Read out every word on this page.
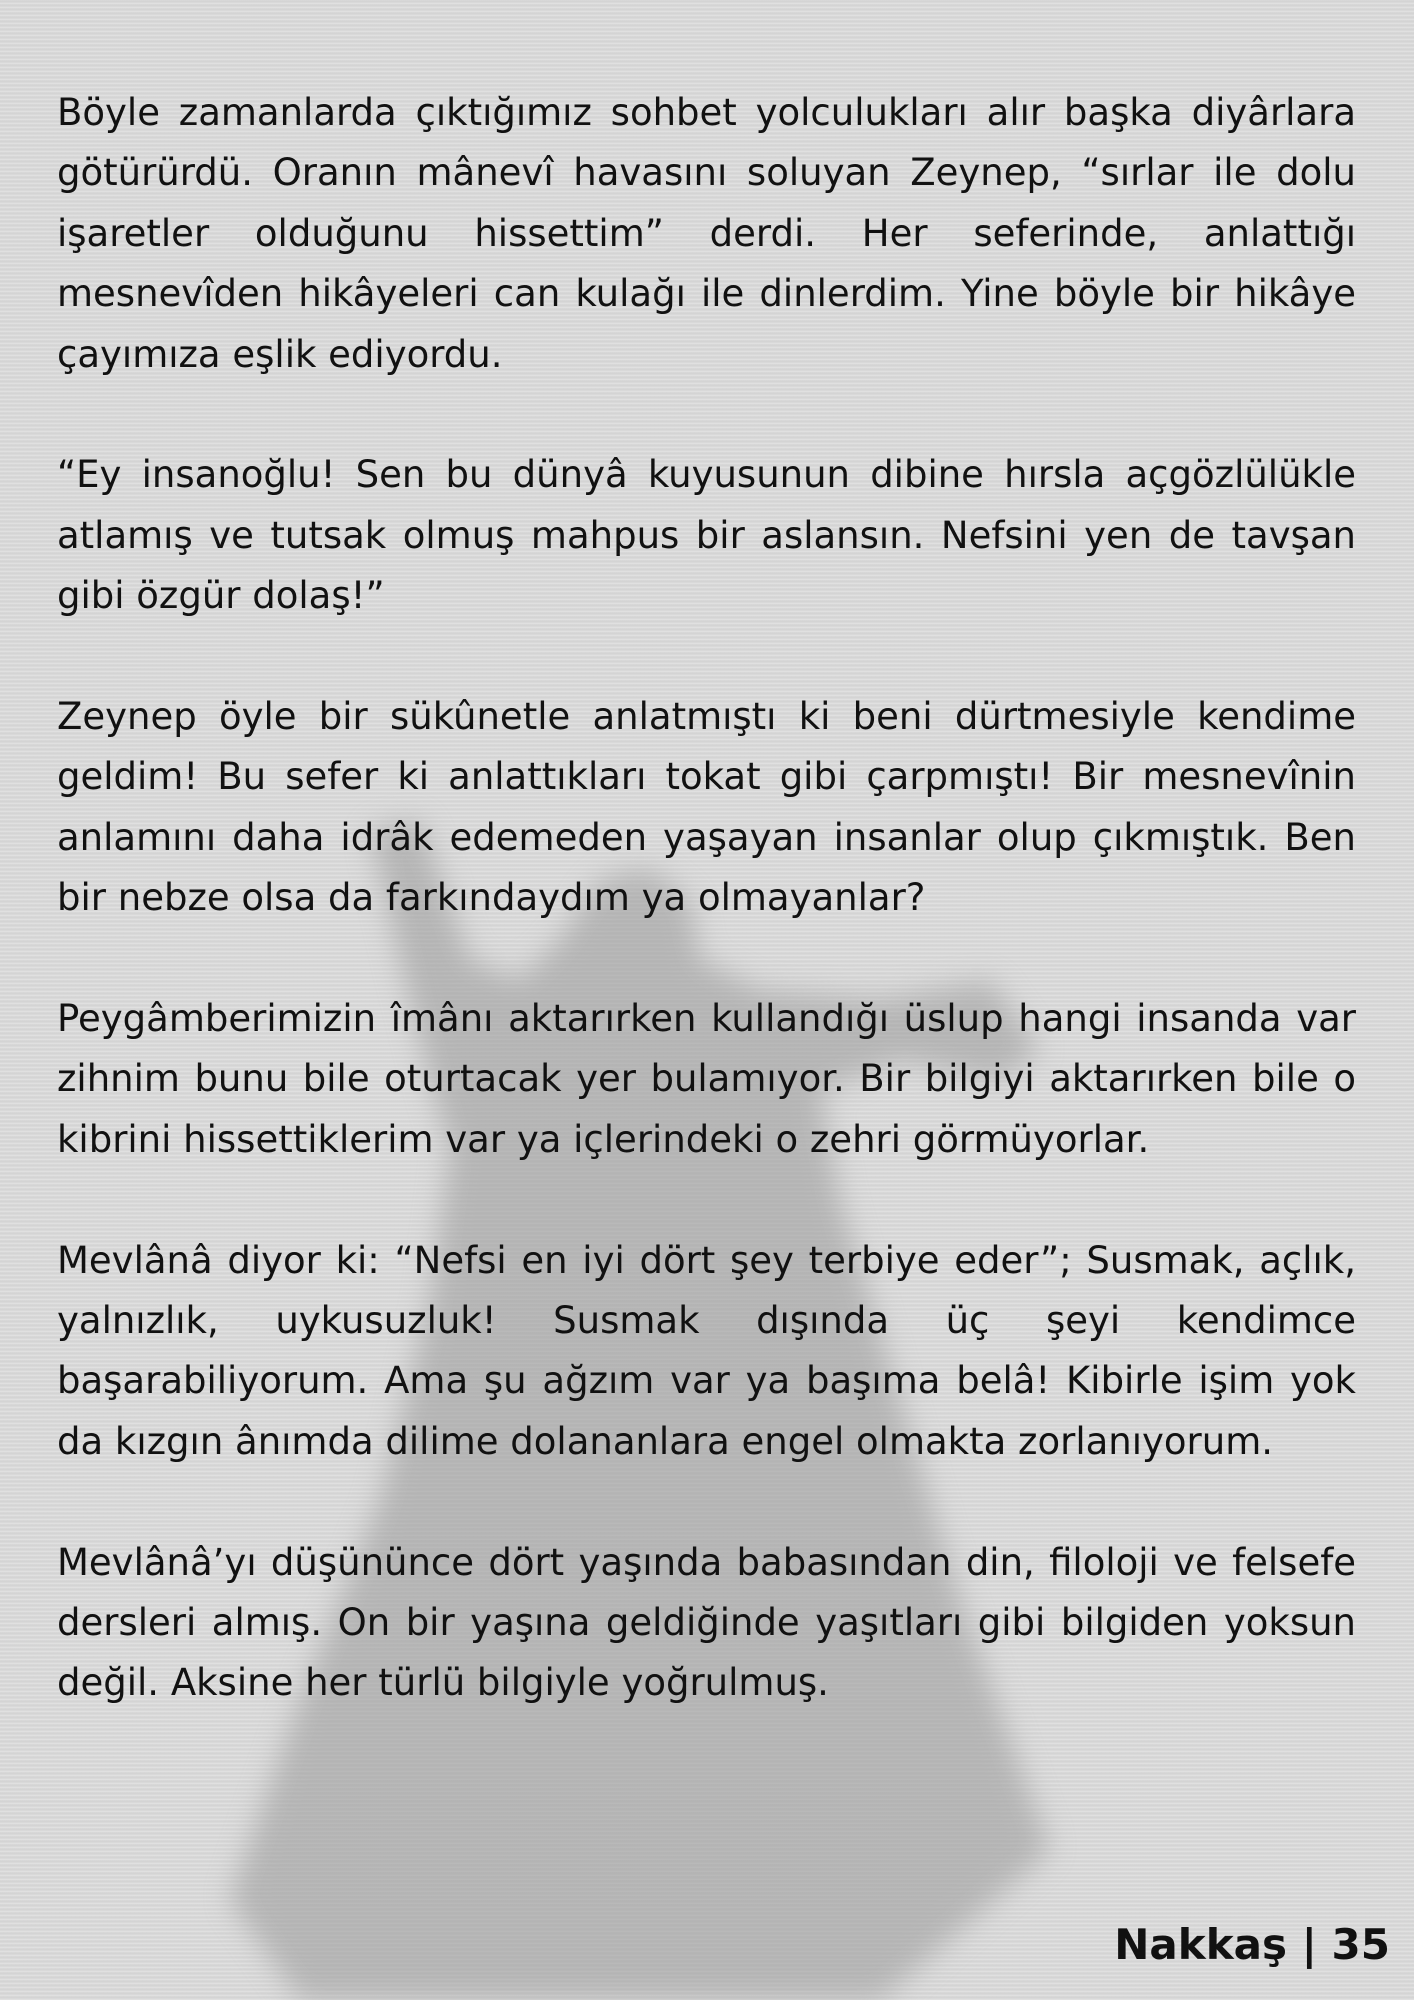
Böyle zamanlarda çıktığımız sohbet yolculukları alır başka diyârlara götürürdü. Oranın mânevî havasını soluyan Zeynep, “sırlar ile dolu işaretler olduğunu hissettim” derdi. Her seferinde, anlattığı mesnevîden hikâyeleri can kulağı ile dinlerdim. Yine böyle bir hikâye çayımıza eşlik ediyordu.

“Ey insanoğlu! Sen bu dünyâ kuyusunun dibine hırsla açgözlülükle atlamış ve tutsak olmuş mahpus bir aslansın. Nefsini yen de tavşan gibi özgür dolaş!”

Zeynep öyle bir sükûnetle anlatmıştı ki beni dürtmesiyle kendime geldim! Bu sefer ki anlattıkları tokat gibi çarpmıştı! Bir mesnevînin anlamını daha idrâk edemeden yaşayan insanlar olup çıkmıştık. Ben bir nebze olsa da farkındaydım ya olmayanlar?

Peygâmberimizin îmânı aktarırken kullandığı üslup hangi insanda var zihnim bunu bile oturtacak yer bulamıyor. Bir bilgiyi aktarırken bile o kibrini hissettiklerim var ya içlerindeki o zehri görmüyorlar.

Mevlânâ diyor ki: “Nefsi en iyi dört şey terbiye eder”; Susmak, açlık, yalnızlık, uykusuzluk! Susmak dışında üç şeyi kendimce başarabiliyorum. Ama şu ağzım var ya başıma belâ! Kibirle işim yok da kızgın ânımda dilime dolananlara engel olmakta zorlanıyorum.

Mevlânâ’yı düşününce dört yaşında babasından din, filoloji ve felsefe dersleri almış. On bir yaşına geldiğinde yaşıtları gibi bilgiden yoksun değil. Aksine her türlü bilgiyle yoğrulmuş.

Nakkaş | 35
